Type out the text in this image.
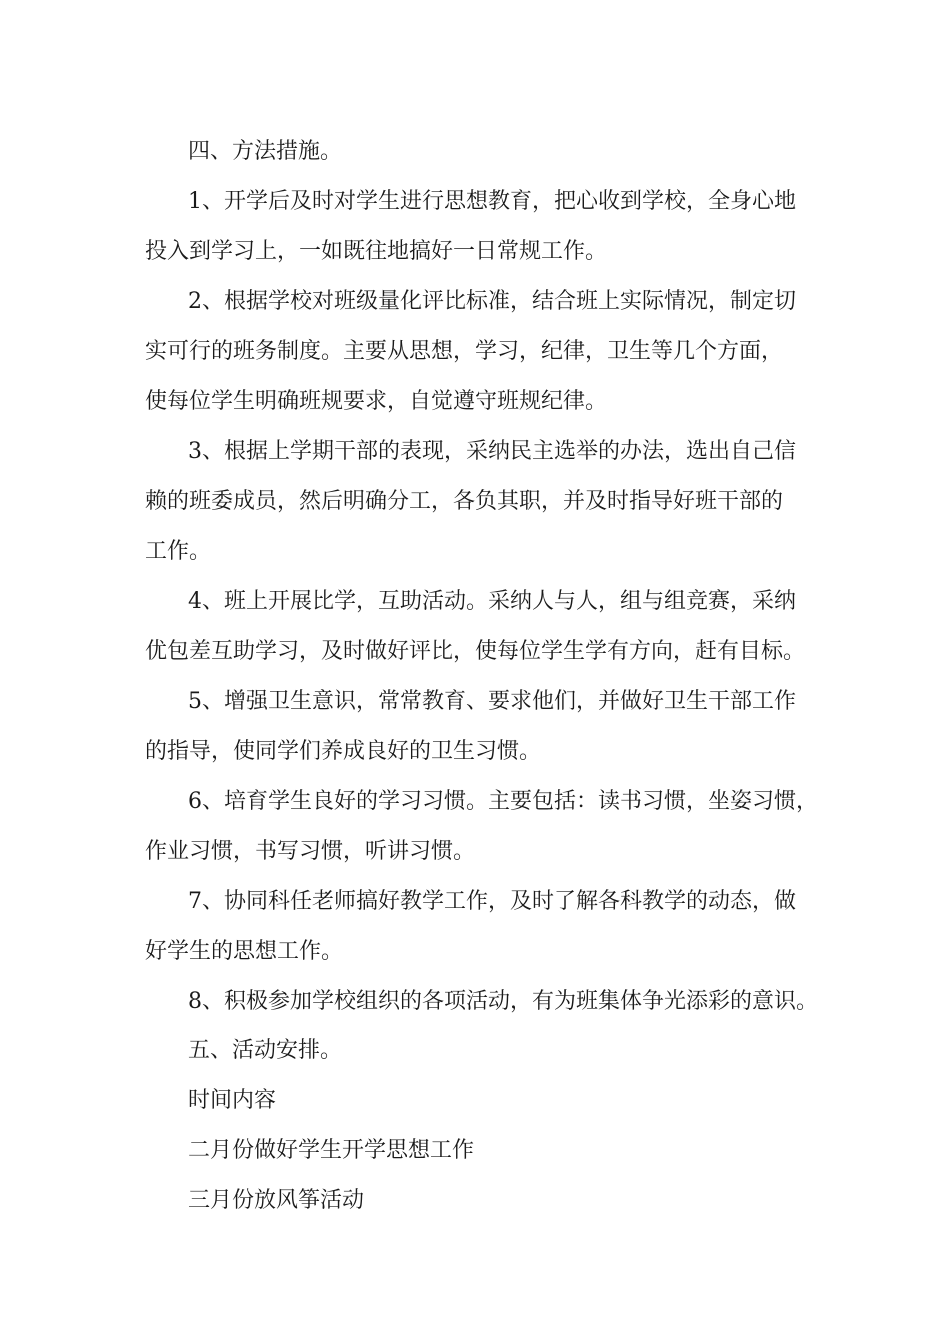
四、方法措施。

1、开学后及时对学生进行思想教育，把心收到学校，全身心地

投入到学习上，一如既往地搞好一日常规工作。

2、根据学校对班级量化评比标准，结合班上实际情况，制定切

实可行的班务制度。主要从思想，学习，纪律，卫生等几个方面，

使每位学生明确班规要求，自觉遵守班规纪律。

3、根据上学期干部的表现，采纳民主选举的办法，选出自己信

赖的班委成员，然后明确分工，各负其职，并及时指导好班干部的

工作。

4、班上开展比学，互助活动。采纳人与人，组与组竞赛，采纳

优包差互助学习，及时做好评比，使每位学生学有方向，赶有目标。

5、增强卫生意识，常常教育、要求他们，并做好卫生干部工作

的指导，使同学们养成良好的卫生习惯。

6、培育学生良好的学习习惯。主要包括：读书习惯，坐姿习惯，

作业习惯，书写习惯，听讲习惯。

7、协同科任老师搞好教学工作，及时了解各科教学的动态，做

好学生的思想工作。

8、积极参加学校组织的各项活动，有为班集体争光添彩的意识。

五、活动安排。

时间内容

二月份做好学生开学思想工作

三月份放风筝活动
